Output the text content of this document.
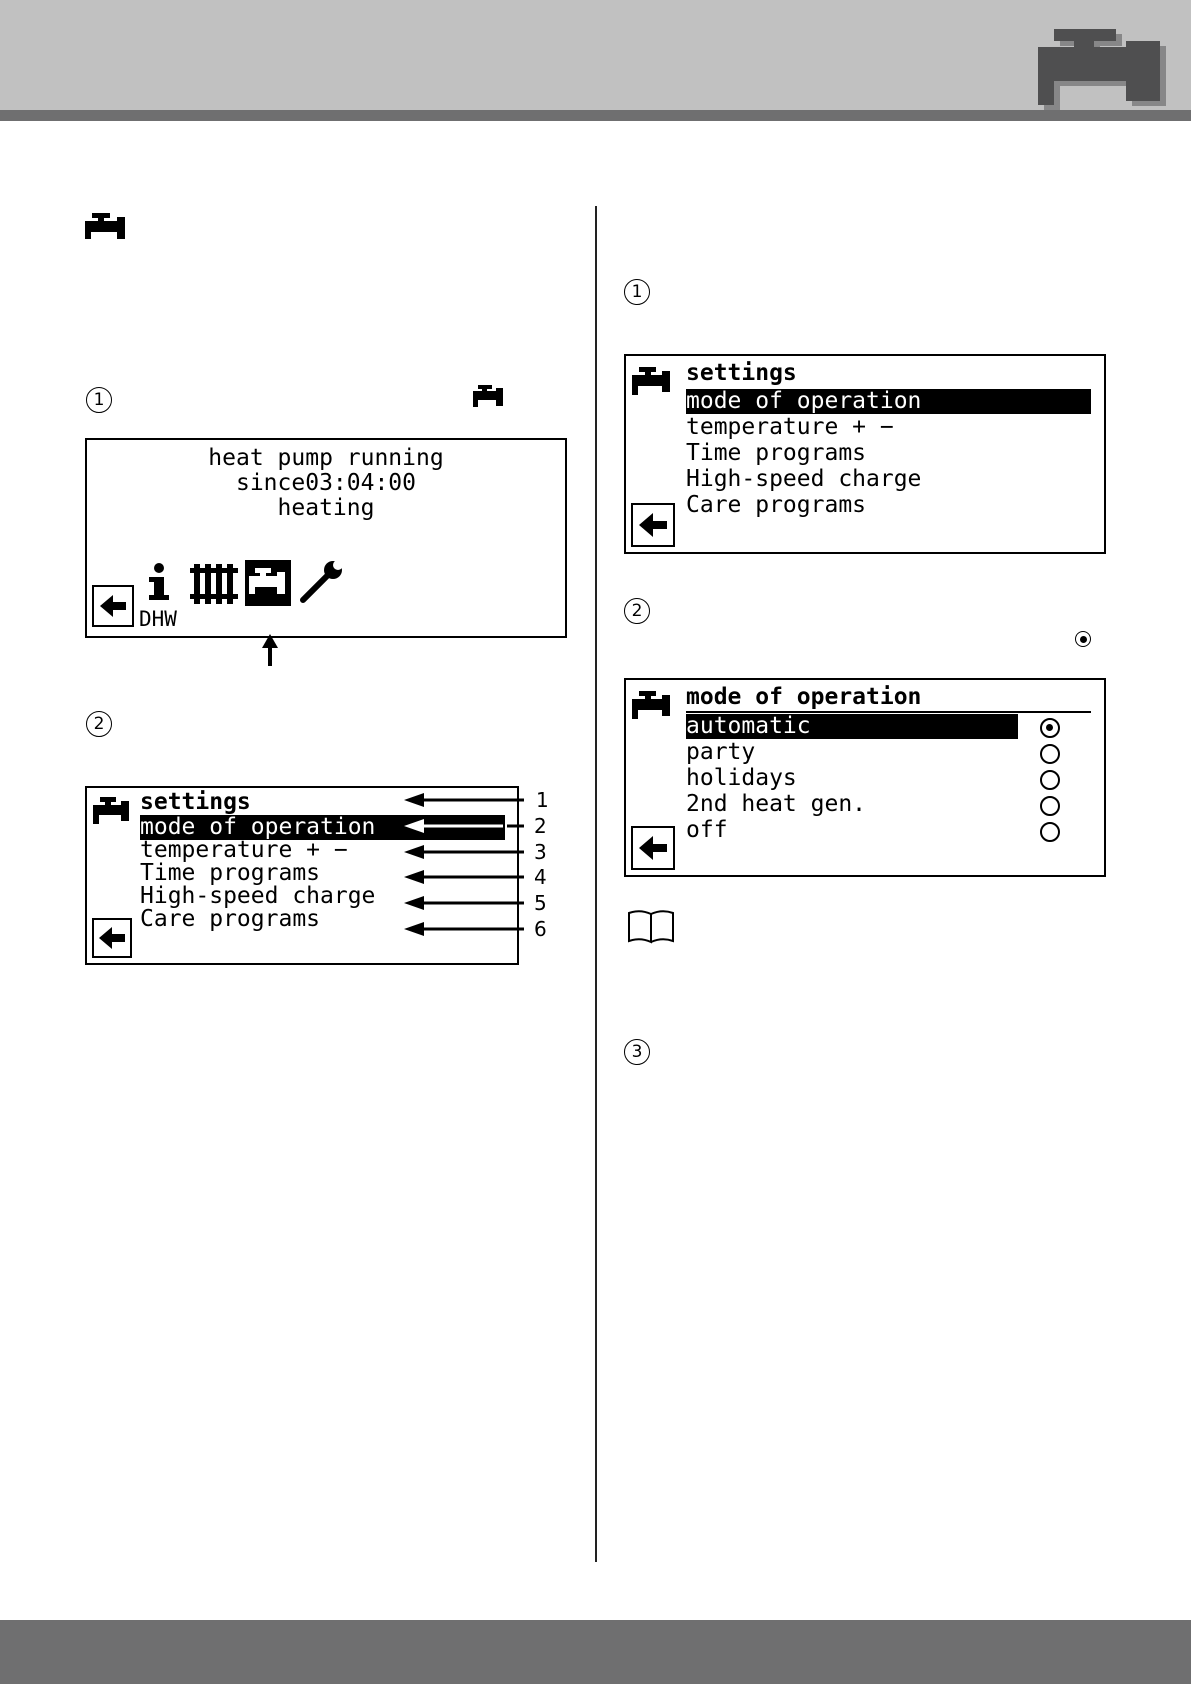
1
heat pump running
since03:04:00
heating
DHW
2
settings
mode of operation
temperature + −
Time programs
High-speed charge
Care programs
1
2
3
4
5
6
1
settings
mode of operation
temperature + −
Time programs
High-speed charge
Care programs
2
mode of operation
automatic
party
holidays
2nd heat gen.
off
3
